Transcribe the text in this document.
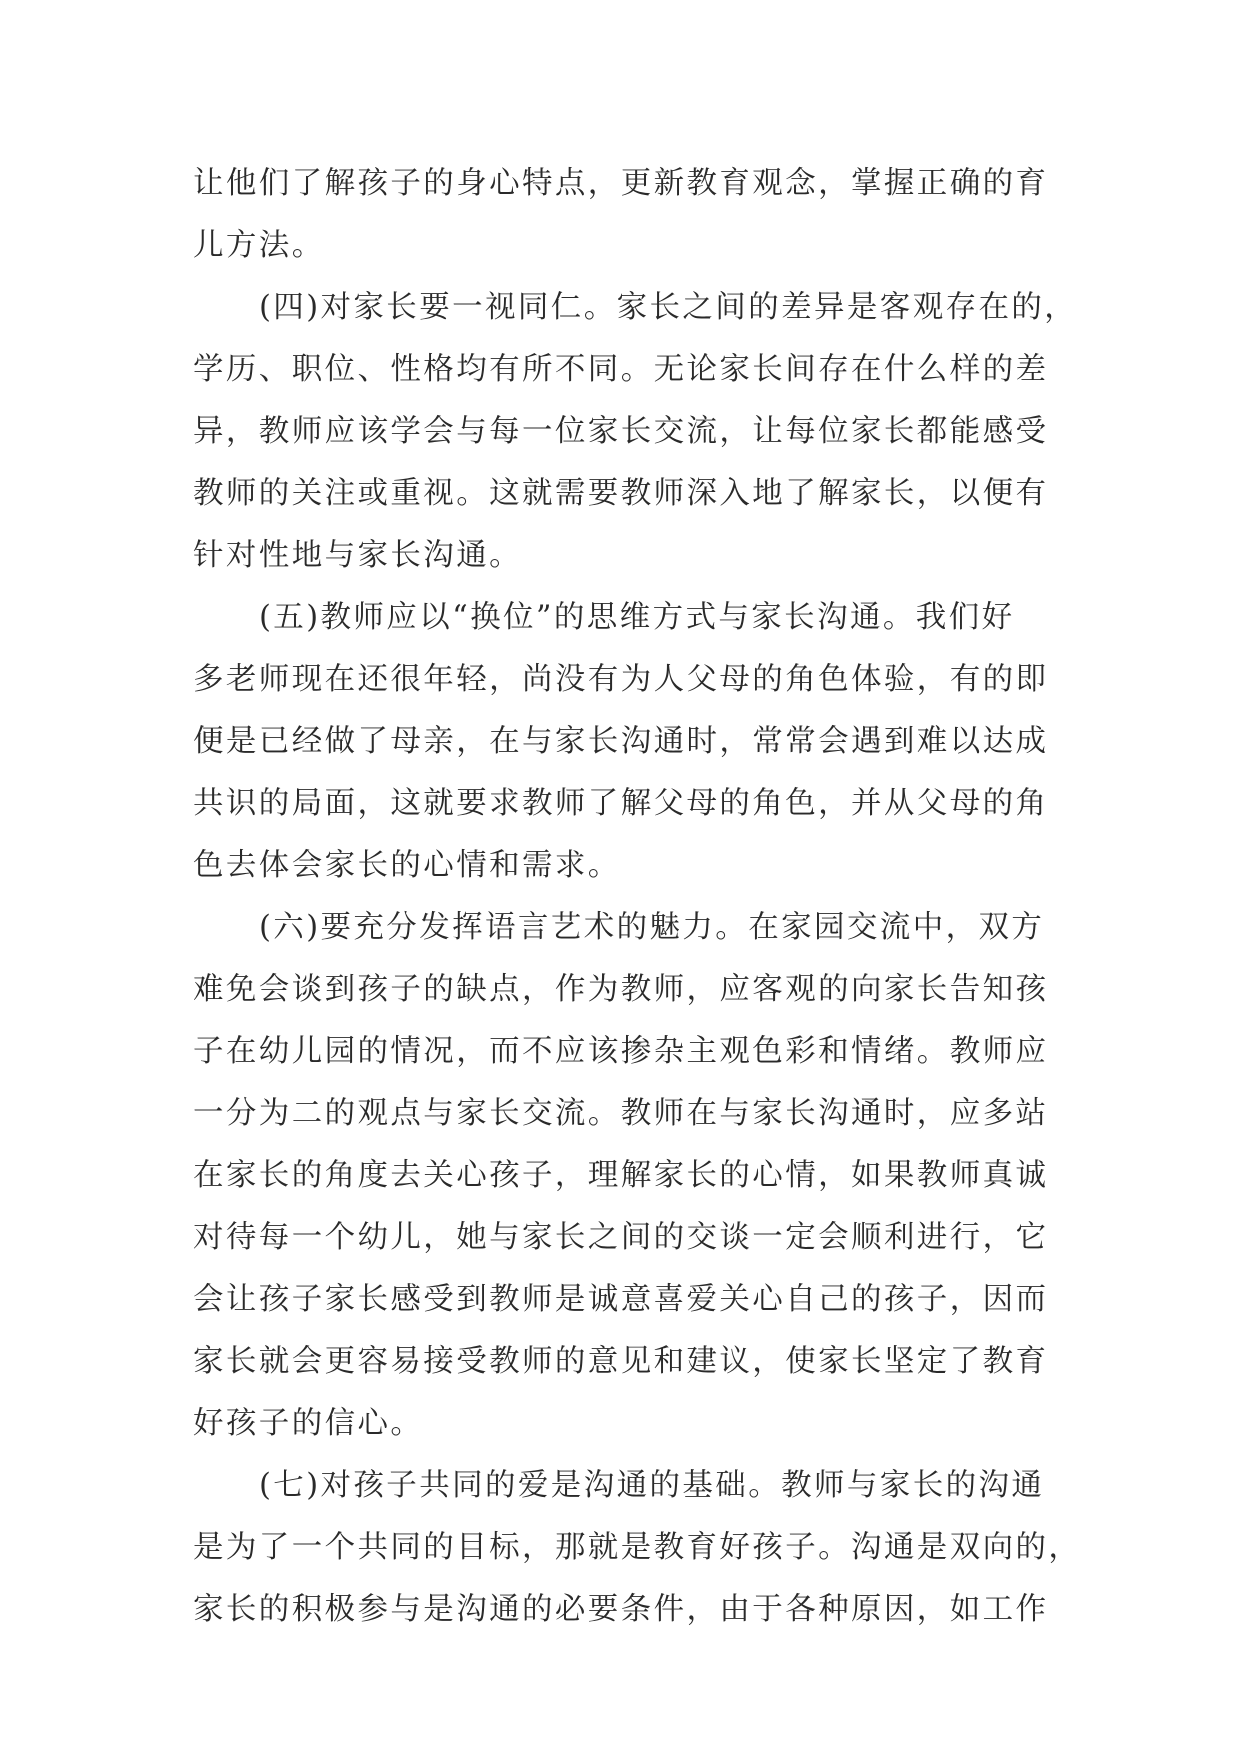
让他们了解孩子的身心特点，更新教育观念，掌握正确的育
儿方法。
(四)对家长要一视同仁。家长之间的差异是客观存在的，
学历、职位、性格均有所不同。无论家长间存在什么样的差
异，教师应该学会与每一位家长交流，让每位家长都能感受
教师的关注或重视。这就需要教师深入地了解家长，以便有
针对性地与家长沟通。
(五)教师应以“换位”的思维方式与家长沟通。我们好
多老师现在还很年轻，尚没有为人父母的角色体验，有的即
便是已经做了母亲，在与家长沟通时，常常会遇到难以达成
共识的局面，这就要求教师了解父母的角色，并从父母的角
色去体会家长的心情和需求。
(六)要充分发挥语言艺术的魅力。在家园交流中，双方
难免会谈到孩子的缺点，作为教师，应客观的向家长告知孩
子在幼儿园的情况，而不应该掺杂主观色彩和情绪。教师应
一分为二的观点与家长交流。教师在与家长沟通时，应多站
在家长的角度去关心孩子，理解家长的心情，如果教师真诚
对待每一个幼儿，她与家长之间的交谈一定会顺利进行，它
会让孩子家长感受到教师是诚意喜爱关心自己的孩子，因而
家长就会更容易接受教师的意见和建议，使家长坚定了教育
好孩子的信心。
(七)对孩子共同的爱是沟通的基础。教师与家长的沟通
是为了一个共同的目标，那就是教育好孩子。沟通是双向的，
家长的积极参与是沟通的必要条件，由于各种原因，如工作
